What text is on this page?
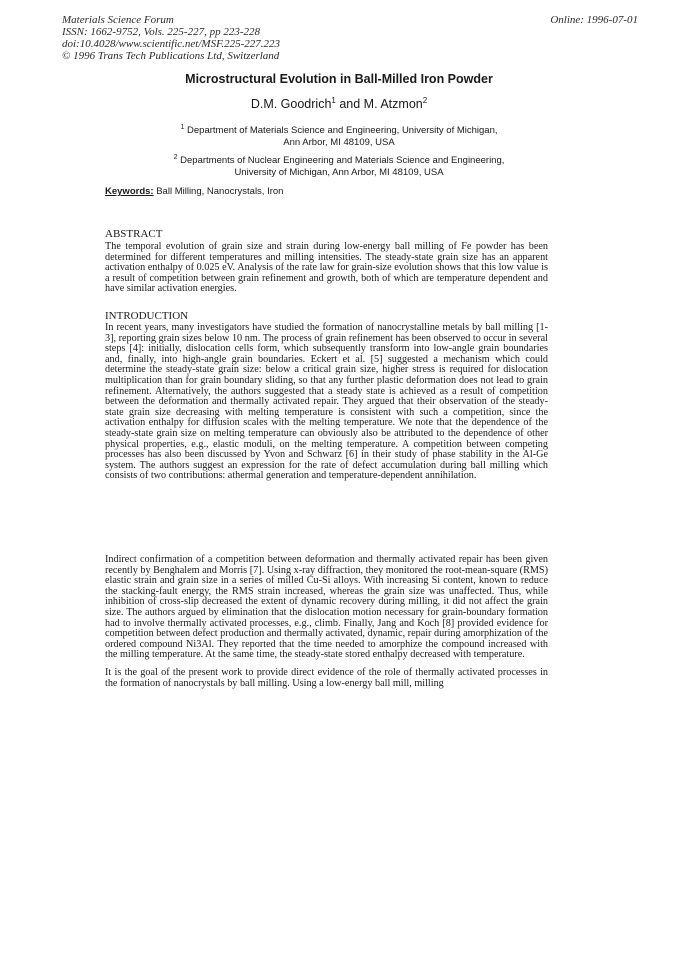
Materials Science Forum
ISSN: 1662-9752, Vols. 225-227, pp 223-228
doi:10.4028/www.scientific.net/MSF.225-227.223
© 1996 Trans Tech Publications Ltd, Switzerland
Online: 1996-07-01
Microstructural Evolution in Ball-Milled Iron Powder
D.M. Goodrich$^1$ and M. Atzmon$^2$
$^1$ Department of Materials Science and Engineering, University of Michigan,
Ann Arbor, MI 48109, USA
$^2$ Departments of Nuclear Engineering and Materials Science and Engineering,
University of Michigan, Ann Arbor, MI 48109, USA
Keywords: Ball Milling, Nanocrystals, Iron
ABSTRACT
The temporal evolution of grain size and strain during low-energy ball milling of Fe powder has been determined for different temperatures and milling intensities. The steady-state grain size has an apparent activation enthalpy of 0.025 eV. Analysis of the rate law for grain-size evolution shows that this low value is a result of competition between grain refinement and growth, both of which are temperature dependent and have similar activation energies.
INTRODUCTION
In recent years, many investigators have studied the formation of nanocrystalline metals by ball milling [1-3], reporting grain sizes below 10 nm. The process of grain refinement has been observed to occur in several steps [4]: initially, dislocation cells form, which subsequently transform into low-angle grain boundaries and, finally, into high-angle grain boundaries. Eckert et al. [5] suggested a mechanism which could determine the steady-state grain size: below a critical grain size, higher stress is required for dislocation multiplication than for grain boundary sliding, so that any further plastic deformation does not lead to grain refinement. Alternatively, the authors suggested that a steady state is achieved as a result of competition between the deformation and thermally activated repair. They argued that their observation of the steady-state grain size decreasing with melting temperature is consistent with such a competition, since the activation enthalpy for diffusion scales with the melting temperature. We note that the dependence of the steady-state grain size on melting temperature can obviously also be attributed to the dependence of other physical properties, e.g., elastic moduli, on the melting temperature. A competition between competing processes has also been discussed by Yvon and Schwarz [6] in their study of phase stability in the Al-Ge system. The authors suggest an expression for the rate of defect accumulation during ball milling which consists of two contributions: athermal generation and temperature-dependent annihilation.
Indirect confirmation of a competition between deformation and thermally activated repair has been given recently by Benghalem and Morris [7]. Using x-ray diffraction, they monitored the root-mean-square (RMS) elastic strain and grain size in a series of milled Cu-Si alloys. With increasing Si content, known to reduce the stacking-fault energy, the RMS strain increased, whereas the grain size was unaffected. Thus, while inhibition of cross-slip decreased the extent of dynamic recovery during milling, it did not affect the grain size. The authors argued by elimination that the dislocation motion necessary for grain-boundary formation had to involve thermally activated processes, e.g., climb. Finally, Jang and Koch [8] provided evidence for competition between defect production and thermally activated, dynamic, repair during amorphization of the ordered compound Ni3Al. They reported that the time needed to amorphize the compound increased with the milling temperature. At the same time, the steady-state stored enthalpy decreased with temperature.
It is the goal of the present work to provide direct evidence of the role of thermally activated processes in the formation of nanocrystals by ball milling. Using a low-energy ball mill, milling
